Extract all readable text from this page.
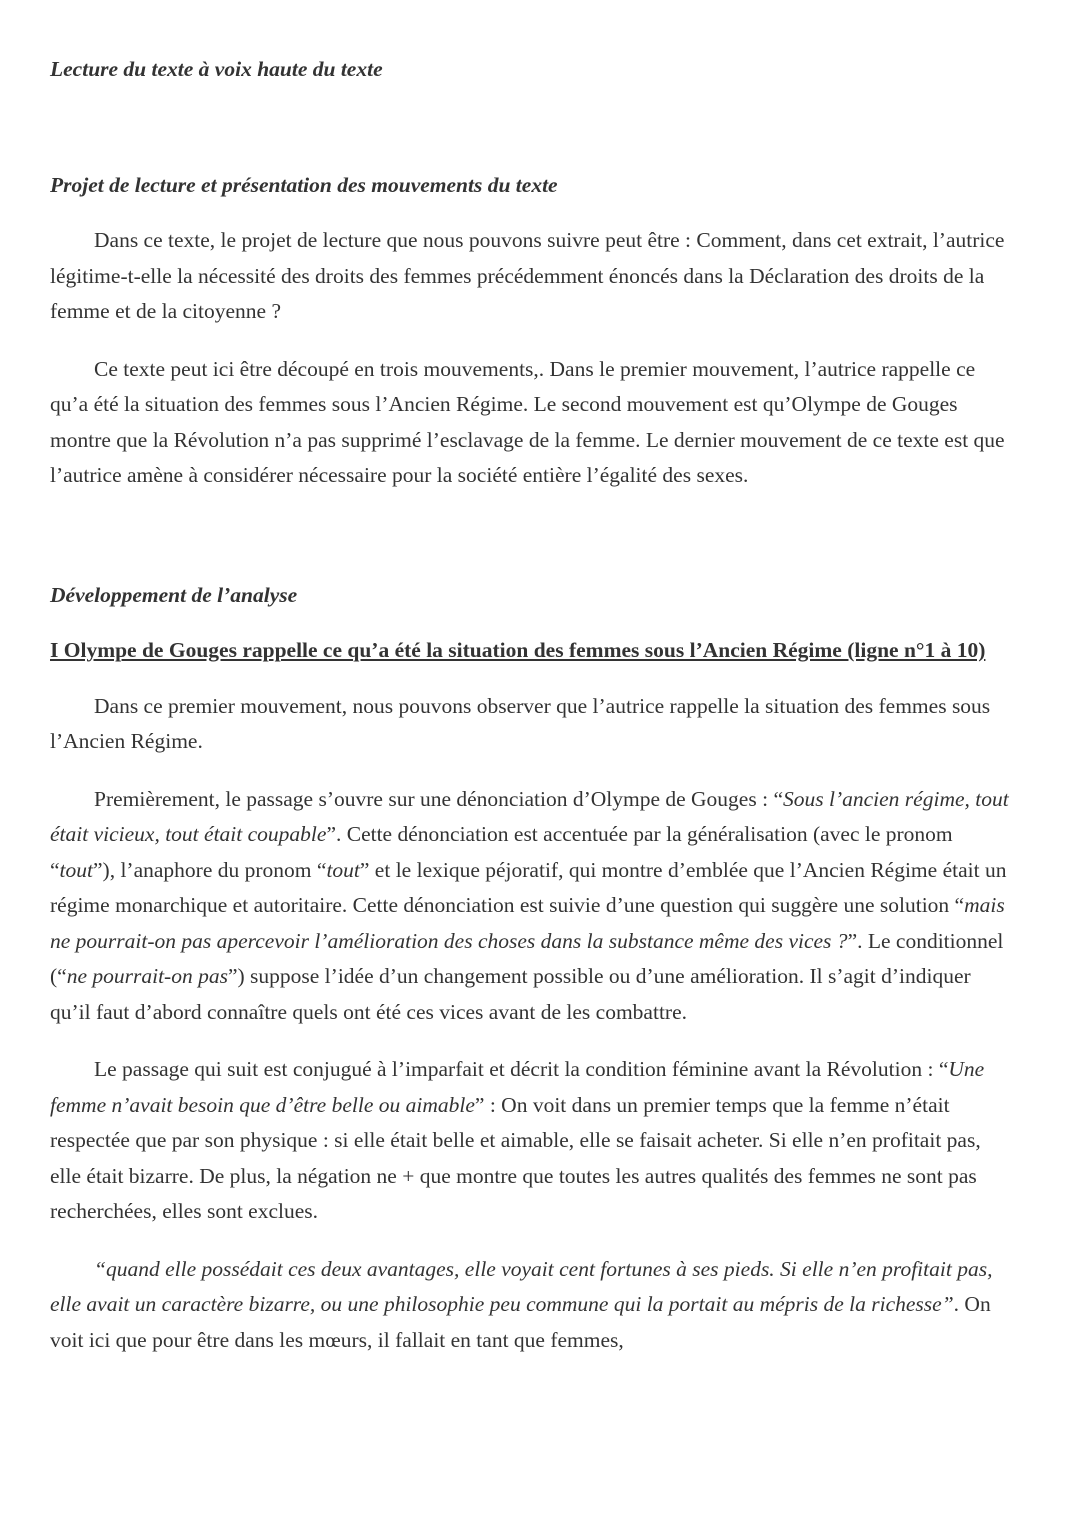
Lecture du texte à voix haute du texte
Projet de lecture et présentation des mouvements du texte

Dans ce texte, le projet de lecture que nous pouvons suivre peut être : Comment, dans cet extrait, l’autrice légitime-t-elle la nécessité des droits des femmes précédemment énoncés dans la Déclaration des droits de la femme et de la citoyenne ?

Ce texte peut ici être découpé en trois mouvements,. Dans le premier mouvement, l’autrice rappelle ce qu’a été la situation des femmes sous l’Ancien Régime. Le second mouvement est qu’Olympe de Gouges montre que la Révolution n’a pas supprimé l’esclavage de la femme. Le dernier mouvement de ce texte est que l’autrice amène à considérer nécessaire pour la société entière l’égalité des sexes.

Développement de l’analyse
I Olympe de Gouges rappelle ce qu’a été la situation des femmes sous l’Ancien Régime (ligne n°1 à 10)

Dans ce premier mouvement, nous pouvons observer que l’autrice rappelle la situation des femmes sous l’Ancien Régime.

Premièrement, le passage s’ouvre sur une dénonciation d’Olympe de Gouges : “Sous l’ancien régime, tout était vicieux, tout était coupable”. Cette dénonciation est accentuée par la généralisation (avec le pronom “tout”), l’anaphore du pronom “tout” et le lexique péjoratif, qui montre d’emblée que l’Ancien Régime était un régime monarchique et autoritaire. Cette dénonciation est suivie d’une question qui suggère une solution “mais ne pourrait-on pas apercevoir l’amélioration des choses dans la substance même des vices ?”. Le conditionnel (“ne pourrait-on pas”) suppose l’idée d’un changement possible ou d’une amélioration. Il s’agit d’indiquer qu’il faut d’abord connaître quels ont été ces vices avant de les combattre.

Le passage qui suit est conjugué à l’imparfait et décrit la condition féminine avant la Révolution : “Une femme n’avait besoin que d’être belle ou aimable” : On voit dans un premier temps que la femme n’était respectée que par son physique : si elle était belle et aimable, elle se faisait acheter. Si elle n’en profitait pas, elle était bizarre. De plus, la négation ne + que montre que toutes les autres qualités des femmes ne sont pas recherchées, elles sont exclues.

“quand elle possédait ces deux avantages, elle voyait cent fortunes à ses pieds. Si elle n’en profitait pas, elle avait un caractère bizarre, ou une philosophie peu commune qui la portait au mépris de la richesse”. On voit ici que pour être dans les mœurs, il fallait en tant que femmes,
